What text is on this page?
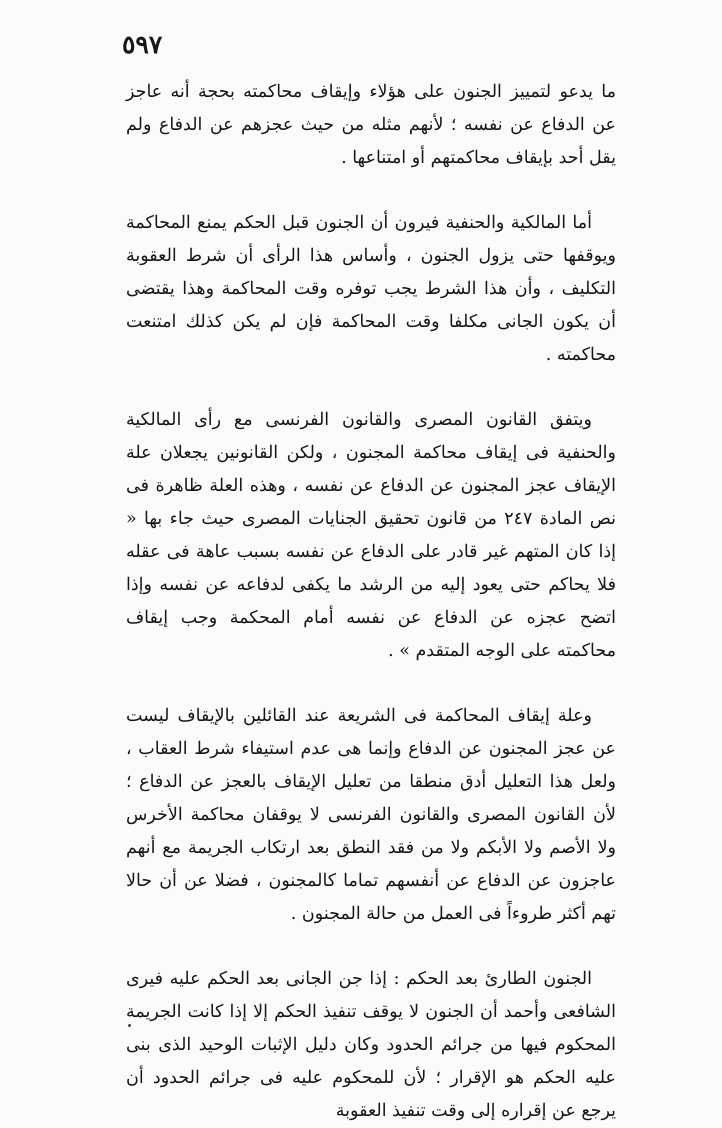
٥٩٧

ما يدعو لتمييز الجنون على هؤلاء وإيقاف محاكمته بحجة أنه عاجز عن الدفاع عن نفسه ؛ لأنهم مثله من حيث عجزهم عن الدفاع ولم يقل أحد بإيقاف محاكمتهم أو امتناعها .

أما المالكية والحنفية فيرون أن الجنون قبل الحكم يمنع المحاكمة ويوقفها حتى يزول الجنون ، وأساس هذا الرأى أن شرط العقوبة التكليف ، وأن هذا الشرط يجب توفره وقت المحاكمة وهذا يقتضى أن يكون الجانى مكلفا وقت المحاكمة فإن لم يكن كذلك امتنعت محاكمته .

ويتفق القانون المصرى والقانون الفرنسى مع رأى المالكية والحنفية فى إيقاف محاكمة المجنون ، ولكن القانونين يجعلان علة الإيقاف عجز المجنون عن الدفاع عن نفسه ، وهذه العلة ظاهرة فى نص المادة ٢٤٧ من قانون تحقيق الجنايات المصرى حيث جاء بها « إذا كان المتهم غير قادر على الدفاع عن نفسه بسبب عاهة فى عقله فلا يحاكم حتى يعود إليه من الرشد ما يكفى لدفاعه عن نفسه وإذا اتضح عجزه عن الدفاع عن نفسه أمام المحكمة وجب إيقاف محاكمته على الوجه المتقدم » .

وعلة إيقاف المحاكمة فى الشريعة عند القائلين بالإيقاف ليست عن عجز المجنون عن الدفاع وإنما هى عدم استيفاء شرط العقاب ، ولعل هذا التعليل أدق منطقا من تعليل الإيقاف بالعجز عن الدفاع ؛ لأن القانون المصرى والقانون الفرنسى لا يوقفان محاكمة الأخرس ولا الأصم ولا الأبكم ولا من فقد النطق بعد ارتكاب الجريمة مع أنهم عاجزون عن الدفاع عن أنفسهم تماما كالمجنون ، فضلا عن أن حالا تهم أكثر طروءاً فى العمل من حالة المجنون .

الجنون الطارئ بعد الحكم : إذا جن الجانى بعد الحكم عليه فيرى الشافعى وأحمد أن الجنون لا يوقف تنفيذ الحكم إلا إذا كانت الجريمة المحكوم فيها من جرائم الحدود وكان دليل الإثبات الوحيد الذى بنى عليه الحكم هو الإقرار ؛ لأن للمحكوم عليه فى جرائم الحدود أن يرجع عن إقراره إلى وقت تنفيذ العقوبة
